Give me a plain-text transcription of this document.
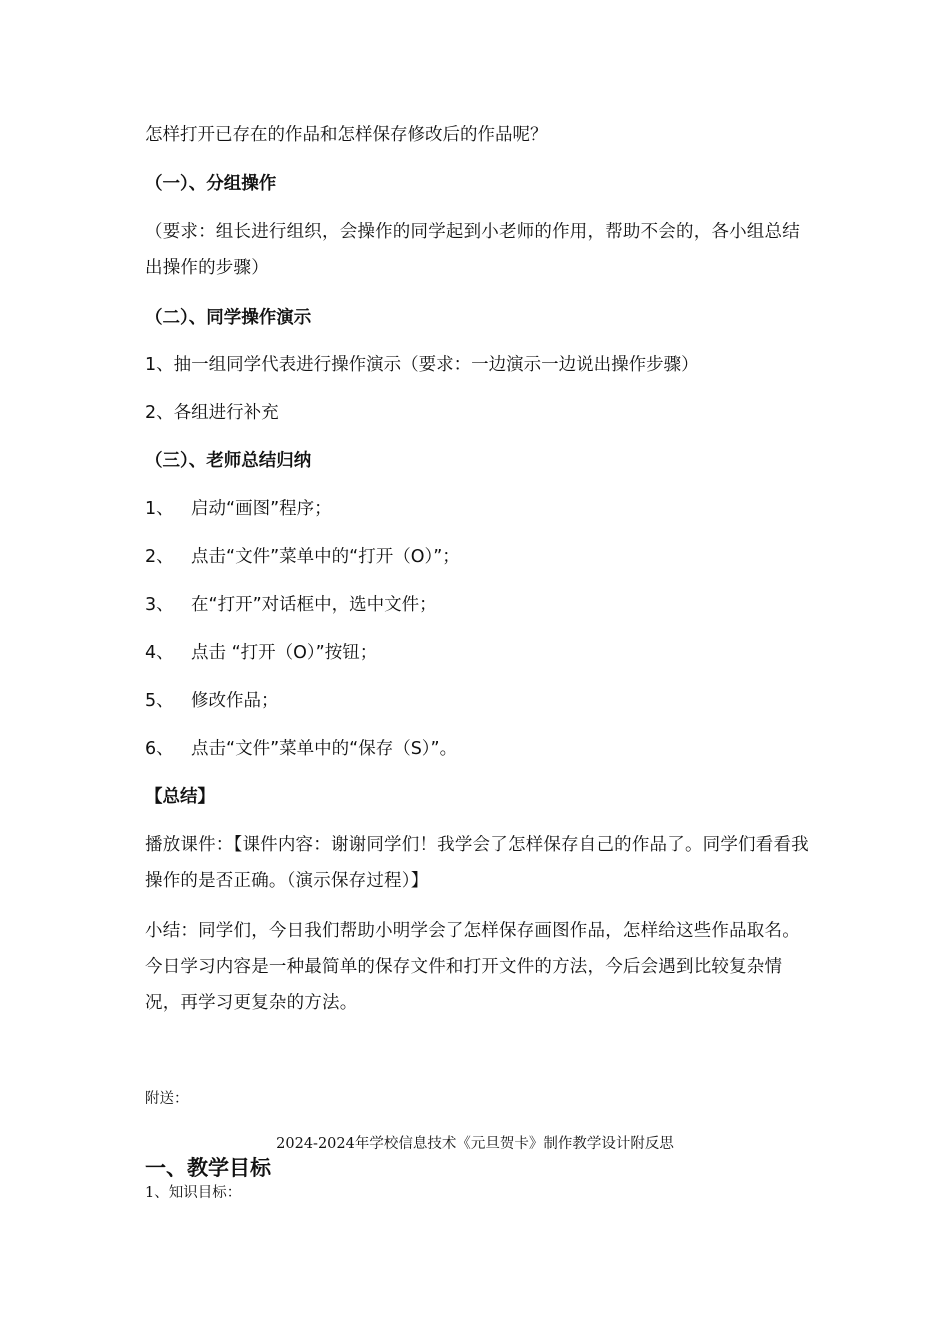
怎样打开已存在的作品和怎样保存修改后的作品呢？
（一）、分组操作
（要求：组长进行组织，会操作的同学起到小老师的作用，帮助不会的，各小组总结出操作的步骤）
（二）、同学操作演示
1、抽一组同学代表进行操作演示（要求：一边演示一边说出操作步骤）
2、各组进行补充
（三）、老师总结归纳
1、 启动“画图”程序；
2、 点击“文件”菜单中的“打开（O）”；
3、 在“打开”对话框中，选中文件；
4、 点击 “打开（O）”按钮；
5、 修改作品；
6、 点击“文件”菜单中的“保存（S）”。
【总结】
播放课件：【课件内容：谢谢同学们！我学会了怎样保存自己的作品了。同学们看看我操作的是否正确。（演示保存过程）】
小结：同学们，今日我们帮助小明学会了怎样保存画图作品，怎样给这些作品取名。今日学习内容是一种最简单的保存文件和打开文件的方法，今后会遇到比较复杂情况，再学习更复杂的方法。
附送：
2024-2024年学校信息技术《元旦贺卡》制作教学设计附反思
一、教学目标
1、知识目标：
